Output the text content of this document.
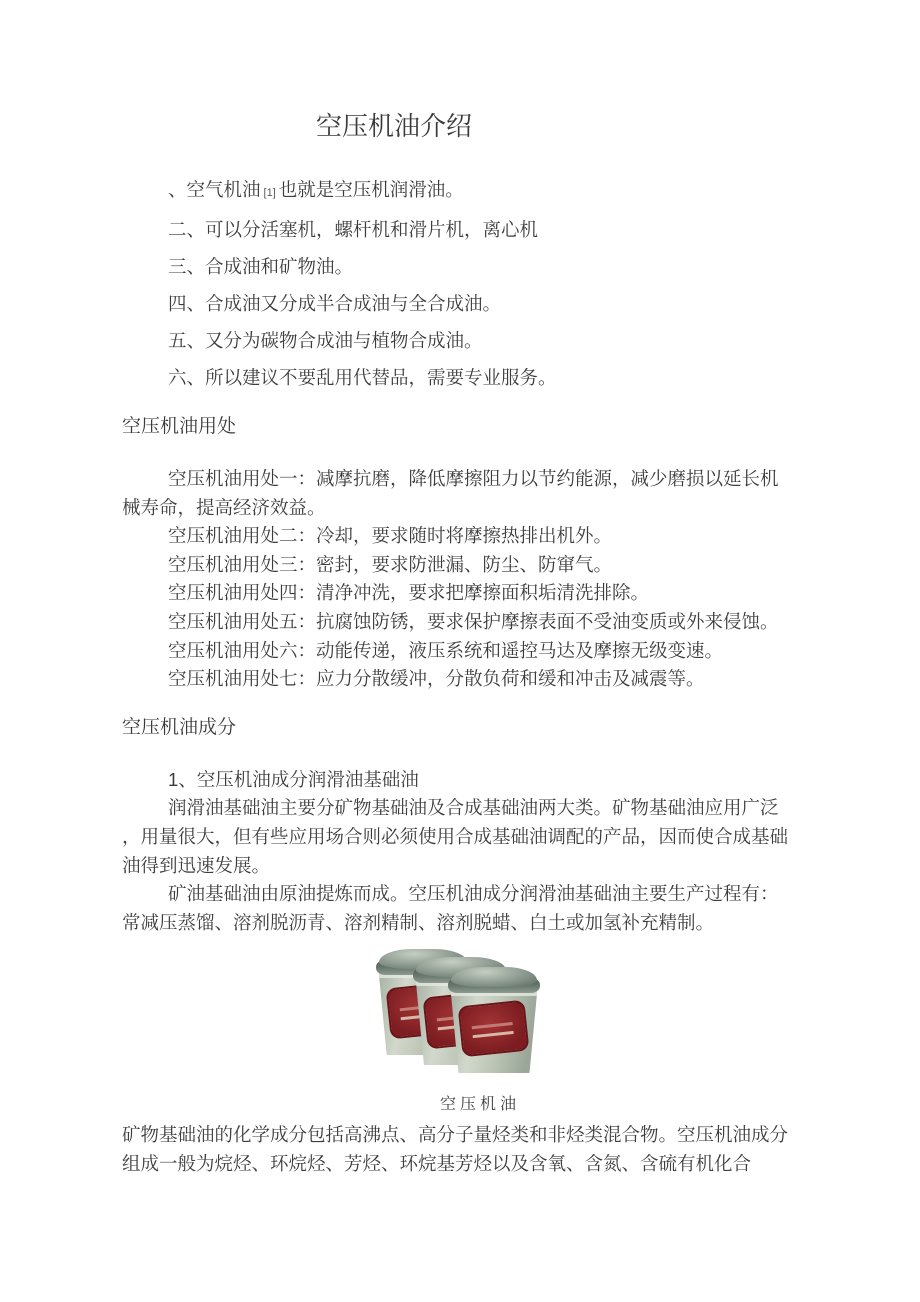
空压机油介绍

、空气机油 [1] 也就是空压机润滑油。

二、可以分活塞机，螺杆机和滑片机，离心机

三、合成油和矿物油。

四、合成油又分成半合成油与全合成油。

五、又分为碳物合成油与植物合成油。

六、所以建议不要乱用代替品，需要专业服务。

空压机油用处

空压机油用处一：减摩抗磨，降低摩擦阻力以节约能源，减少磨损以延长机械寿命，提高经济效益。

空压机油用处二：冷却，要求随时将摩擦热排出机外。

空压机油用处三：密封，要求防泄漏、防尘、防窜气。

空压机油用处四：清净冲洗，要求把摩擦面积垢清洗排除。

空压机油用处五：抗腐蚀防锈，要求保护摩擦表面不受油变质或外来侵蚀。

空压机油用处六：动能传递，液压系统和遥控马达及摩擦无级变速。

空压机油用处七：应力分散缓冲，分散负荷和缓和冲击及减震等。

空压机油成分

1、空压机油成分润滑油基础油

润滑油基础油主要分矿物基础油及合成基础油两大类。矿物基础油应用广泛，用量很大，但有些应用场合则必须使用合成基础油调配的产品，因而使合成基础油得到迅速发展。

矿油基础油由原油提炼而成。空压机油成分润滑油基础油主要生产过程有：常减压蒸馏、溶剂脱沥青、溶剂精制、溶剂脱蜡、白土或加氢补充精制。

空压机油

矿物基础油的化学成分包括高沸点、高分子量烃类和非烃类混合物。空压机油成分组成一般为烷烃、环烷烃、芳烃、环烷基芳烃以及含氧、含氮、含硫有机化合
